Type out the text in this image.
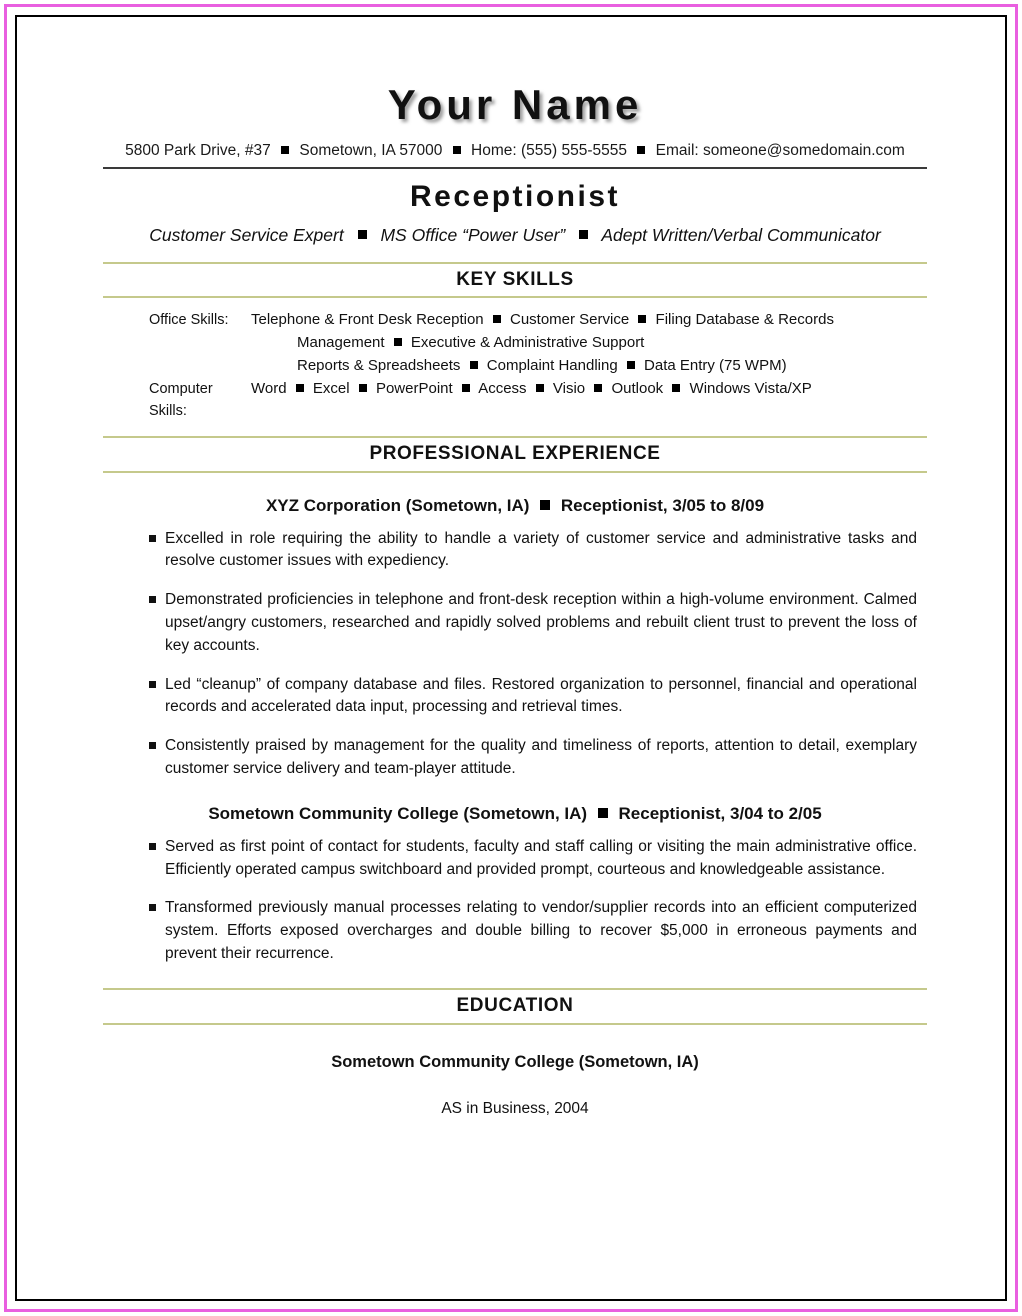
Your Name
5800 Park Drive, #37 Sometown, IA 57000 Home: (555) 555-5555 Email: someone@somedomain.com
Receptionist
Customer Service Expert MS Office “Power User” Adept Written/Verbal Communicator
KEY SKILLS
Office Skills:	Telephone & Front Desk Reception Customer Service Filing Database & Records
Management Executive & Administrative Support
Reports & Spreadsheets Complaint Handling Data Entry (75 WPM)
Computer Skills:
Word Excel PowerPoint Access Visio Outlook Windows Vista/XP
PROFESSIONAL EXPERIENCE
XYZ Corporation (Sometown, IA) Receptionist, 3/05 to 8/09
Excelled in role requiring the ability to handle a variety of customer service and administrative tasks and resolve customer issues with expediency.
Demonstrated proficiencies in telephone and front-desk reception within a high-volume environment. Calmed upset/angry customers, researched and rapidly solved problems and rebuilt client trust to prevent the loss of key accounts.
Led “cleanup” of company database and files. Restored organization to personnel, financial and operational records and accelerated data input, processing and retrieval times.
Consistently praised by management for the quality and timeliness of reports, attention to detail, exemplary customer service delivery and team-player attitude.
Sometown Community College (Sometown, IA) Receptionist, 3/04 to 2/05
Served as first point of contact for students, faculty and staff calling or visiting the main administrative office. Efficiently operated campus switchboard and provided prompt, courteous and knowledgeable assistance.
Transformed previously manual processes relating to vendor/supplier records into an efficient computerized system. Efforts exposed overcharges and double billing to recover $5,000 in erroneous payments and prevent their recurrence.
EDUCATION
Sometown Community College (Sometown, IA)
AS in Business, 2004
